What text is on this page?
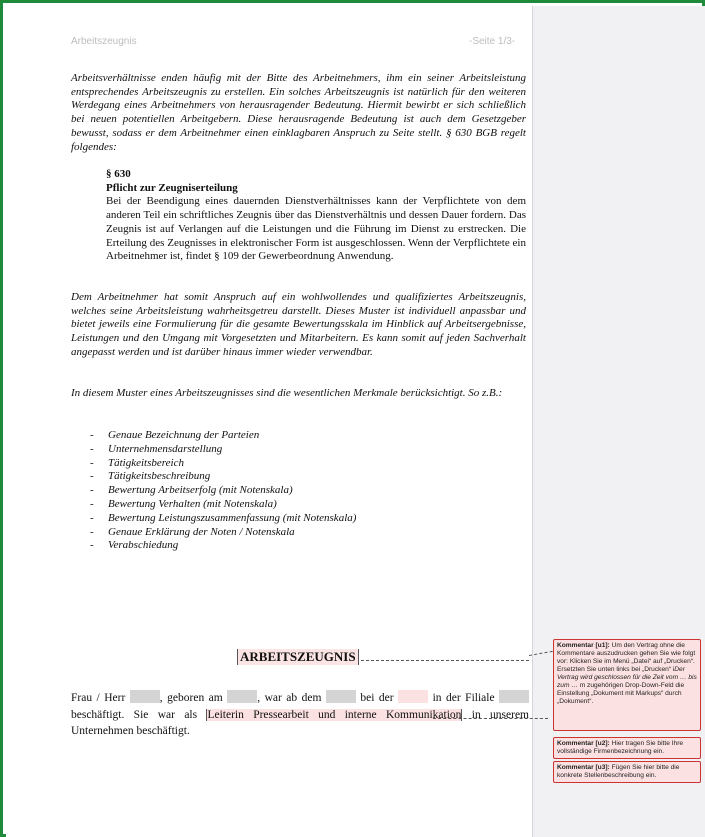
Arbeitszeugnis	-Seite 1/3-
Arbeitsverhältnisse enden häufig mit der Bitte des Arbeitnehmers, ihm ein seiner Arbeitsleistung entsprechendes Arbeitszeugnis zu erstellen. Ein solches Arbeitszeugnis ist natürlich für den weiteren Werdegang eines Arbeitnehmers von herausragender Bedeutung. Hiermit bewirbt er sich schließlich bei neuen potentiellen Arbeitgebern. Diese herausragende Bedeutung ist auch dem Gesetzgeber bewusst, sodass er dem Arbeitnehmer einen einklagbaren Anspruch zu Seite stellt. § 630 BGB regelt folgendes:
§ 630
Pflicht zur Zeugniserteilung
Bei der Beendigung eines dauernden Dienstverhältnisses kann der Verpflichtete von dem anderen Teil ein schriftliches Zeugnis über das Dienstverhältnis und dessen Dauer fordern. Das Zeugnis ist auf Verlangen auf die Leistungen und die Führung im Dienst zu erstrecken. Die Erteilung des Zeugnisses in elektronischer Form ist ausgeschlossen. Wenn der Verpflichtete ein Arbeitnehmer ist, findet § 109 der Gewerbeordnung Anwendung.
Dem Arbeitnehmer hat somit Anspruch auf ein wohlwollendes und qualifiziertes Arbeitszeugnis, welches seine Arbeitsleistung wahrheitsgetreu darstellt. Dieses Muster ist individuell anpassbar und bietet jeweils eine Formulierung für die gesamte Bewertungsskala im Hinblick auf Arbeitsergebnisse, Leistungen und den Umgang mit Vorgesetzten und Mitarbeitern. Es kann somit auf jeden Sachverhalt angepasst werden und ist darüber hinaus immer wieder verwendbar.
In diesem Muster eines Arbeitszeugnisses sind die wesentlichen Merkmale berücksichtigt. So z.B.:
- Genaue Bezeichnung der Parteien
- Unternehmensdarstellung
- Tätigkeitsbereich
- Tätigkeitsbeschreibung
- Bewertung Arbeitserfolg (mit Notenskala)
- Bewertung Verhalten (mit Notenskala)
- Bewertung Leistungszusammenfassung (mit Notenskala)
- Genaue Erklärung der Noten / Notenskala
- Verabschiedung
ARBEITSZEUGNIS
Frau / Herr	, geboren am	, war ab dem	bei der	in der Filiale  beschäftigt. Sie war als Leiterin Pressearbeit und interne Kommunikation in unserem Unternehmen beschäftigt.
Kommentar [u1]: Um den Vertrag ohne die Kommentare auszudrucken gehen Sie wie folgt vor: Klicken Sie im Menü „Datei“ auf „Drucken“. Ersetzten Sie unten links bei „Drucken“ iDer Vertrag wird geschlossen für die Zeit vom … bis zum … m zugehörigen Drop-Down-Feld die Einstellung „Dokument mit Markups“ durch „Dokument“.
Kommentar [u2]: Hier tragen Sie bitte Ihre vollständige Firmenbezeichnung ein.
Kommentar [u3]: Fügen Sie hier bitte die konkrete Stellenbeschreibung ein.
